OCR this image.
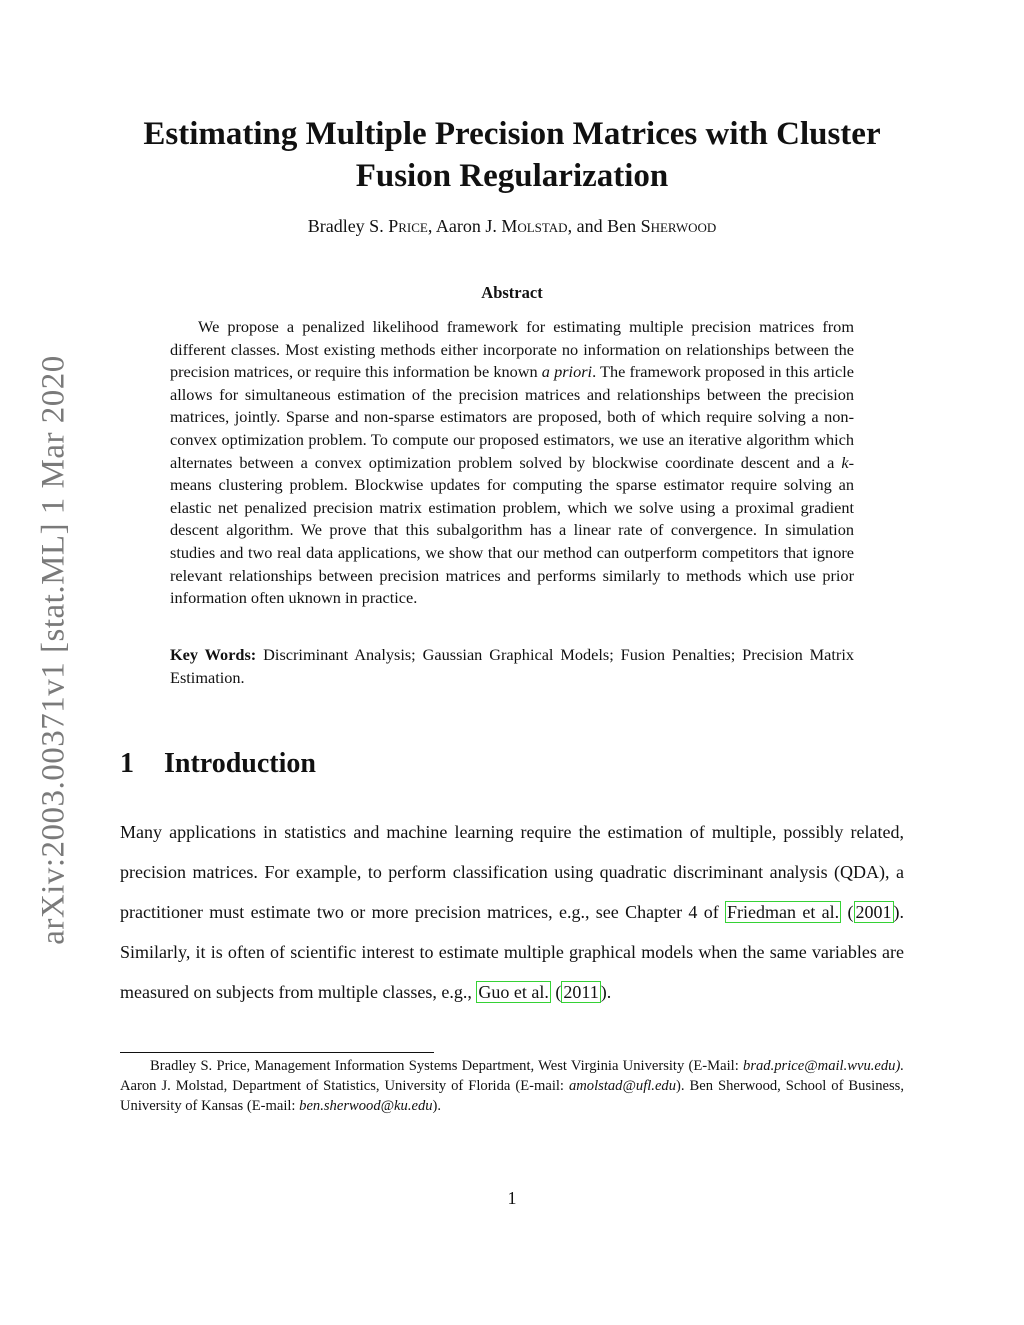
arXiv:2003.00371v1 [stat.ML] 1 Mar 2020
Estimating Multiple Precision Matrices with Cluster
Fusion Regularization
Bradley S. Price, Aaron J. Molstad, and Ben Sherwood
Abstract

We propose a penalized likelihood framework for estimating multiple precision matrices from different classes. Most existing methods either incorporate no information on relationships between the precision matrices, or require this information be known a priori. The framework proposed in this article allows for simultaneous estimation of the precision matrices and relationships between the precision matrices, jointly. Sparse and non-sparse estimators are proposed, both of which require solving a non-convex optimization problem. To compute our proposed estimators, we use an iterative algorithm which alternates between a convex optimization problem solved by blockwise coordinate descent and a k-means clustering problem. Blockwise updates for computing the sparse estimator require solving an elastic net penalized precision matrix estimation problem, which we solve using a proximal gradient descent algorithm. We prove that this subalgorithm has a linear rate of convergence. In simulation studies and two real data applications, we show that our method can outperform competitors that ignore relevant relationships between precision matrices and performs similarly to methods which use prior information often uknown in practice.

Key Words: Discriminant Analysis; Gaussian Graphical Models; Fusion Penalties; Precision Matrix Estimation.

1 Introduction

Many applications in statistics and machine learning require the estimation of multiple, possibly related, precision matrices. For example, to perform classification using quadratic discriminant analysis (QDA), a practitioner must estimate two or more precision matrices, e.g., see Chapter 4 of Friedman et al. ( 2001 ). Similarly, it is often of scientific interest to estimate multiple graphical models when the same variables are measured on subjects from multiple classes, e.g., Guo et al. ( 2011 ).

Bradley S. Price, Management Information Systems Department, West Virginia University (E-Mail: brad.price@mail.wvu.edu). Aaron J. Molstad, Department of Statistics, University of Florida (E-mail: amolstad@ufl.edu). Ben Sherwood, School of Business, University of Kansas (E-mail: ben.sherwood@ku.edu).

1
